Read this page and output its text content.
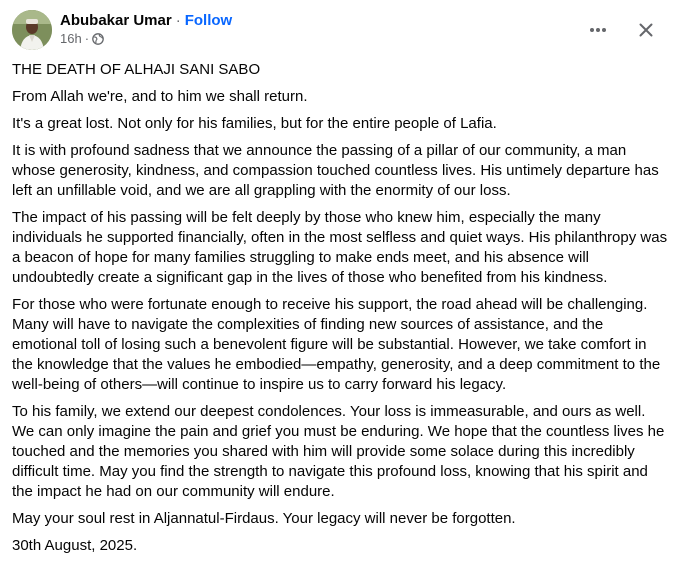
Abubakar Umar · Follow
16h ·

THE DEATH OF ALHAJI SANI SABO

From Allah we're, and to him we shall return.

It's a great lost. Not only for his families, but for the entire people of Lafia.

It is with profound sadness that we announce the passing of a pillar of our community, a man whose generosity, kindness, and compassion touched countless lives. His untimely departure has left an unfillable void, and we are all grappling with the enormity of our loss.

The impact of his passing will be felt deeply by those who knew him, especially the many individuals he supported financially, often in the most selfless and quiet ways. His philanthropy was a beacon of hope for many families struggling to make ends meet, and his absence will undoubtedly create a significant gap in the lives of those who benefited from his kindness.

For those who were fortunate enough to receive his support, the road ahead will be challenging. Many will have to navigate the complexities of finding new sources of assistance, and the emotional toll of losing such a benevolent figure will be substantial. However, we take comfort in the knowledge that the values he embodied—empathy, generosity, and a deep commitment to the well-being of others—will continue to inspire us to carry forward his legacy.

To his family, we extend our deepest condolences. Your loss is immeasurable, and ours as well. We can only imagine the pain and grief you must be enduring. We hope that the countless lives he touched and the memories you shared with him will provide some solace during this incredibly difficult time. May you find the strength to navigate this profound loss, knowing that his spirit and the impact he had on our community will endure.

May your soul rest in Aljannatul-Firdaus. Your legacy will never be forgotten.

30th August, 2025.
